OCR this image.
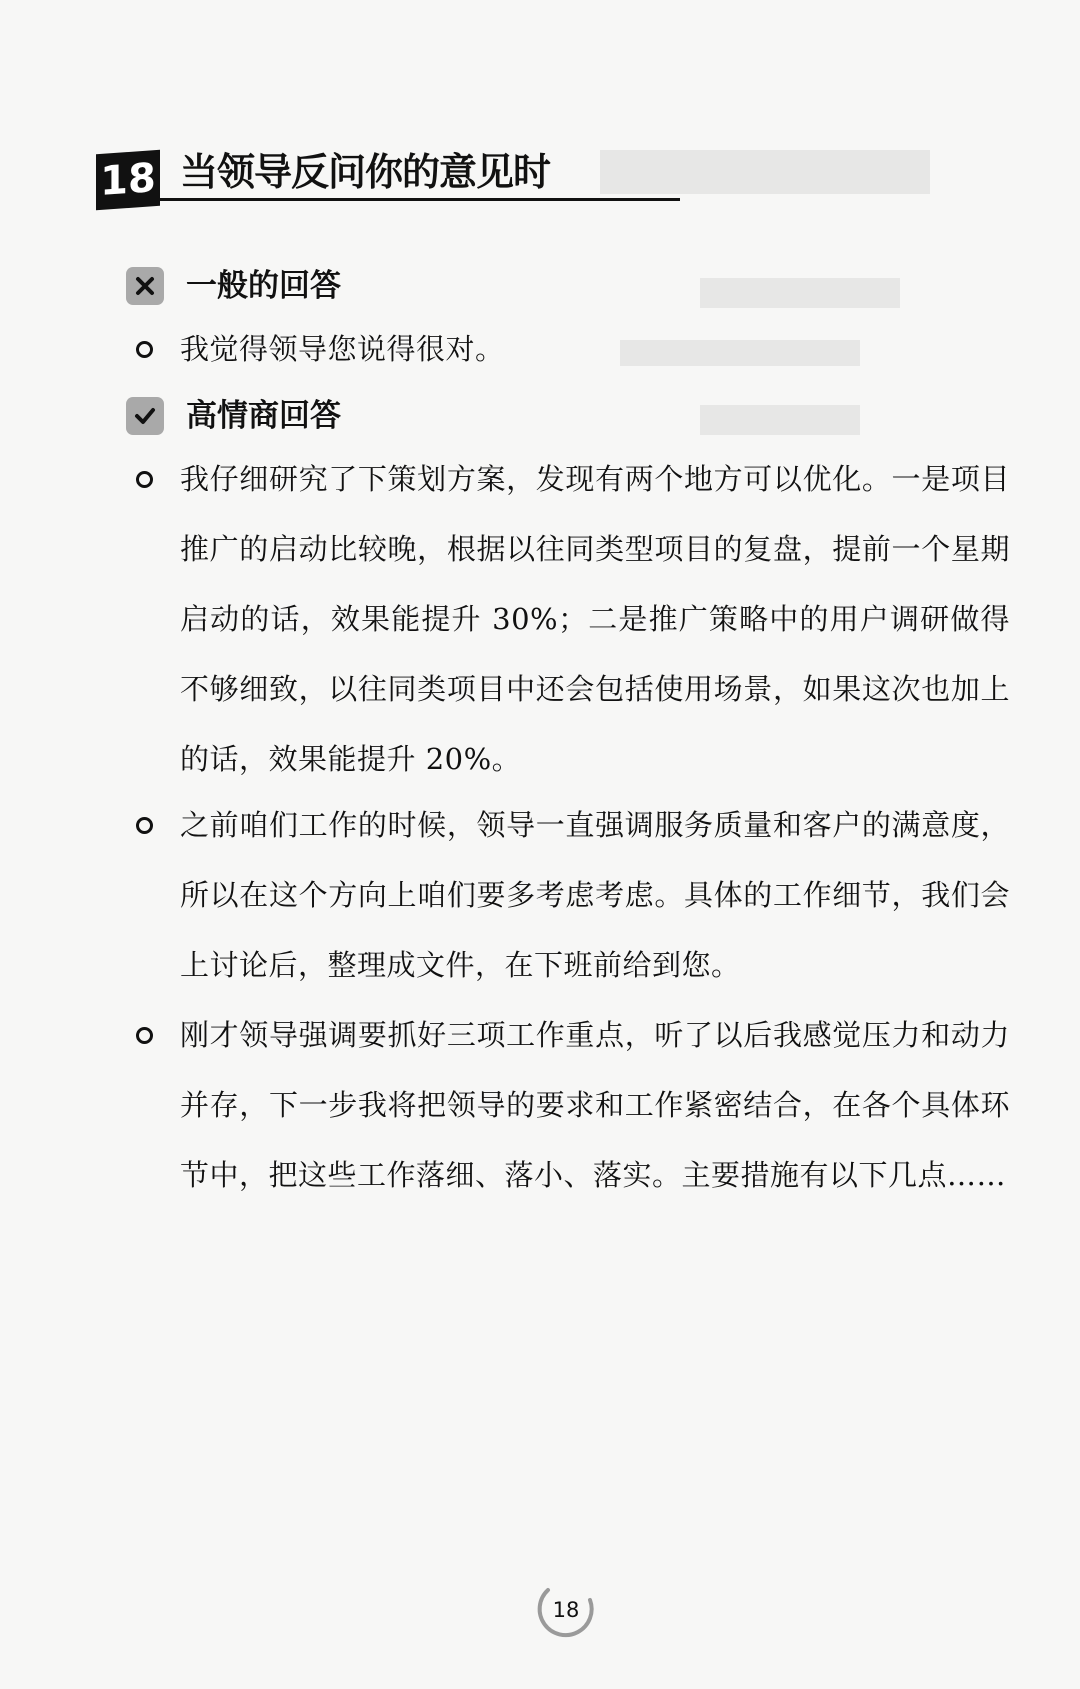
18 当领导反问你的意见时
一般的回答
我觉得领导您说得很对。
高情商回答
我仔细研究了下策划方案，发现有两个地方可以优化。一是项目推广的启动比较晚，根据以往同类型项目的复盘，提前一个星期启动的话，效果能提升 30%；二是推广策略中的用户调研做得不够细致，以往同类项目中还会包括使用场景，如果这次也加上的话，效果能提升 20%。
之前咱们工作的时候，领导一直强调服务质量和客户的满意度，所以在这个方向上咱们要多考虑考虑。具体的工作细节，我们会上讨论后，整理成文件，在下班前给到您。
刚才领导强调要抓好三项工作重点，听了以后我感觉压力和动力并存，下一步我将把领导的要求和工作紧密结合，在各个具体环节中，把这些工作落细、落小、落实。主要措施有以下几点……
18
